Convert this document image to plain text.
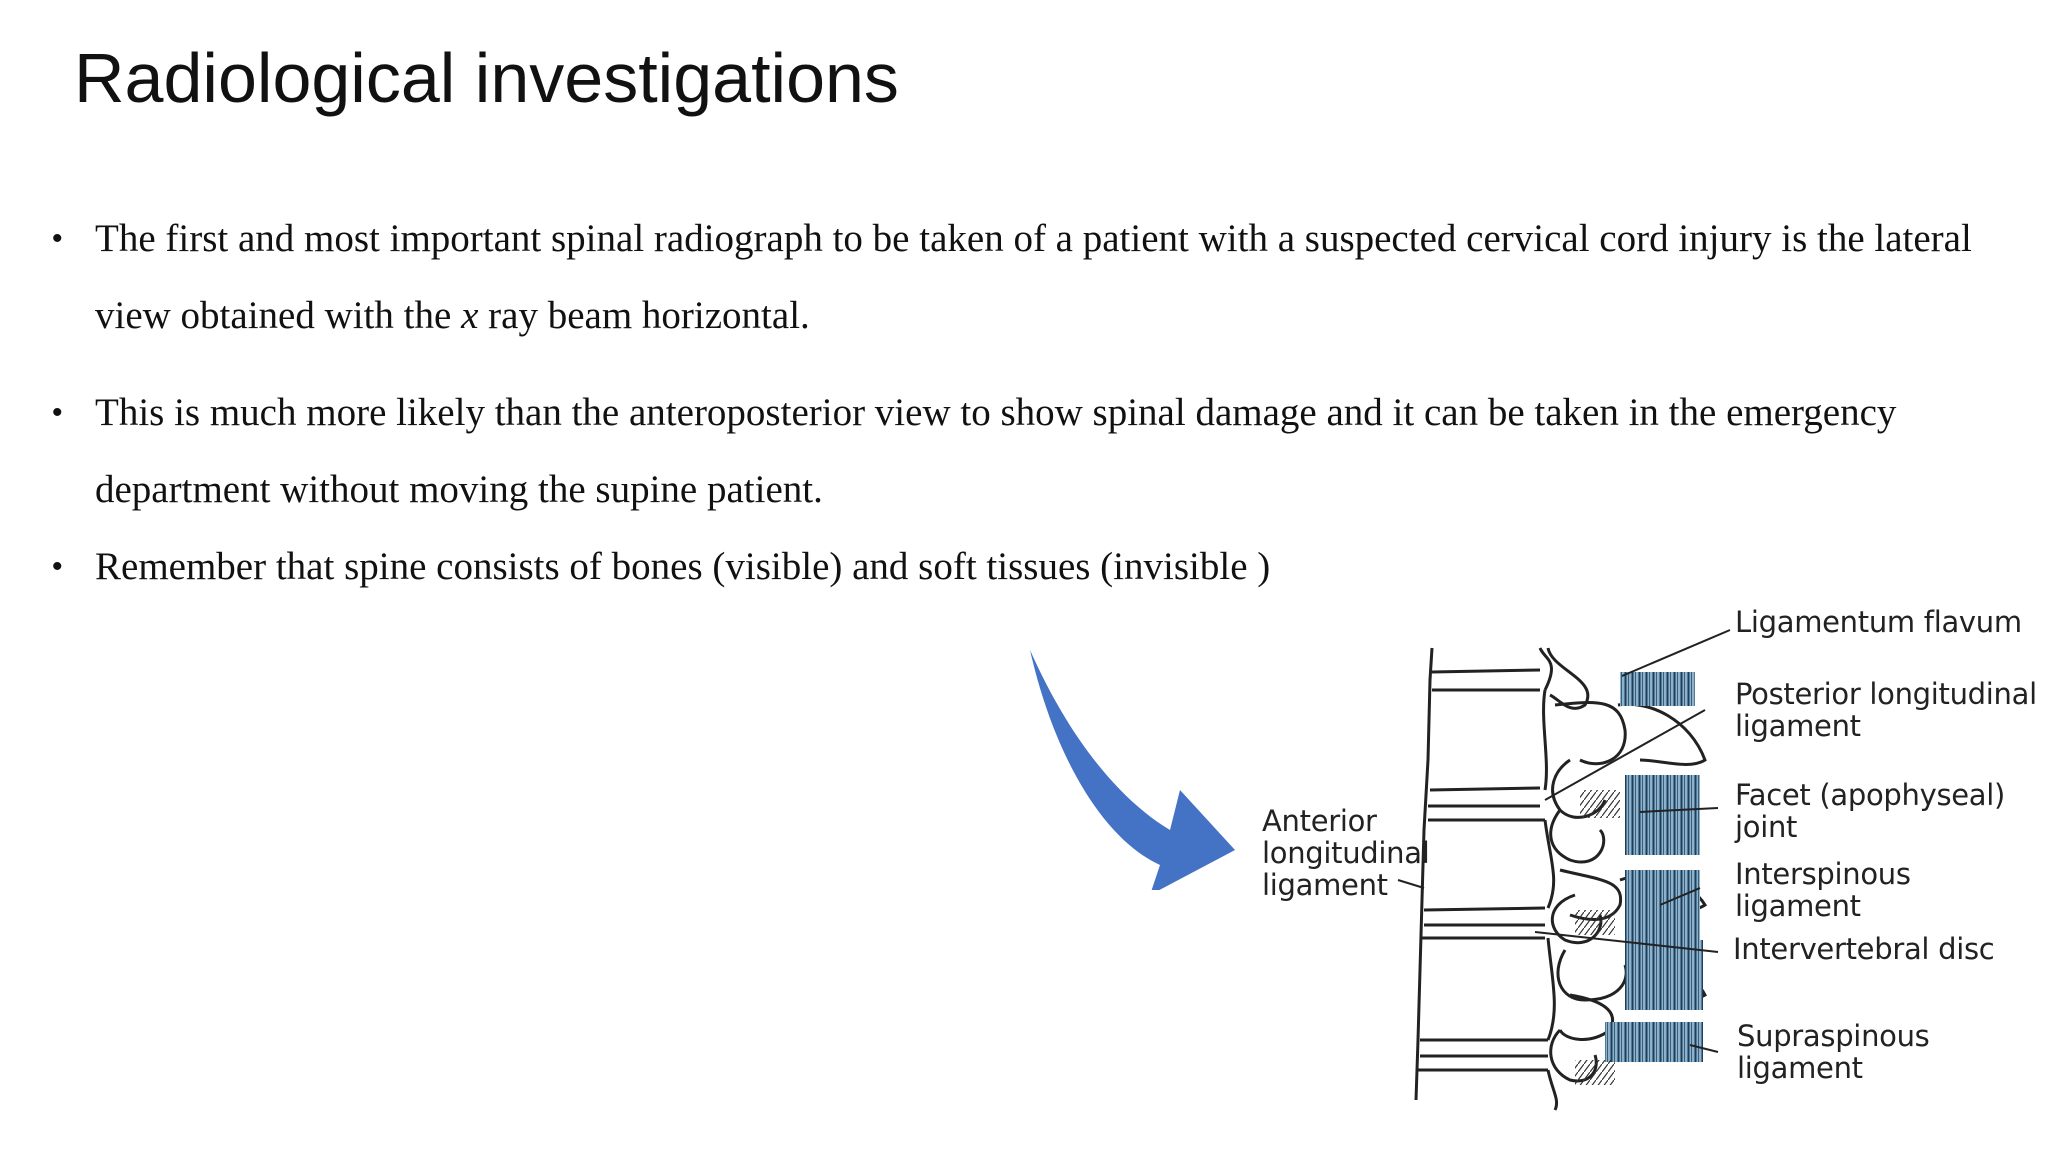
Radiological investigations
• The first and most important spinal radiograph to be taken of a patient with a suspected cervical cord injury is the lateral view obtained with the x ray beam horizontal.
• This is much more likely than the anteroposterior view to show spinal damage and it can be taken in the emergency department without moving the supine patient.
• Remember that spine consists of bones (visible) and soft tissues (invisible )
Ligamentum flavum
Posterior longitudinal
ligament
Facet (apophyseal)
joint
Interspinous
ligament
Intervertebral disc
Supraspinous
ligament
Anterior
longitudinal
ligament
